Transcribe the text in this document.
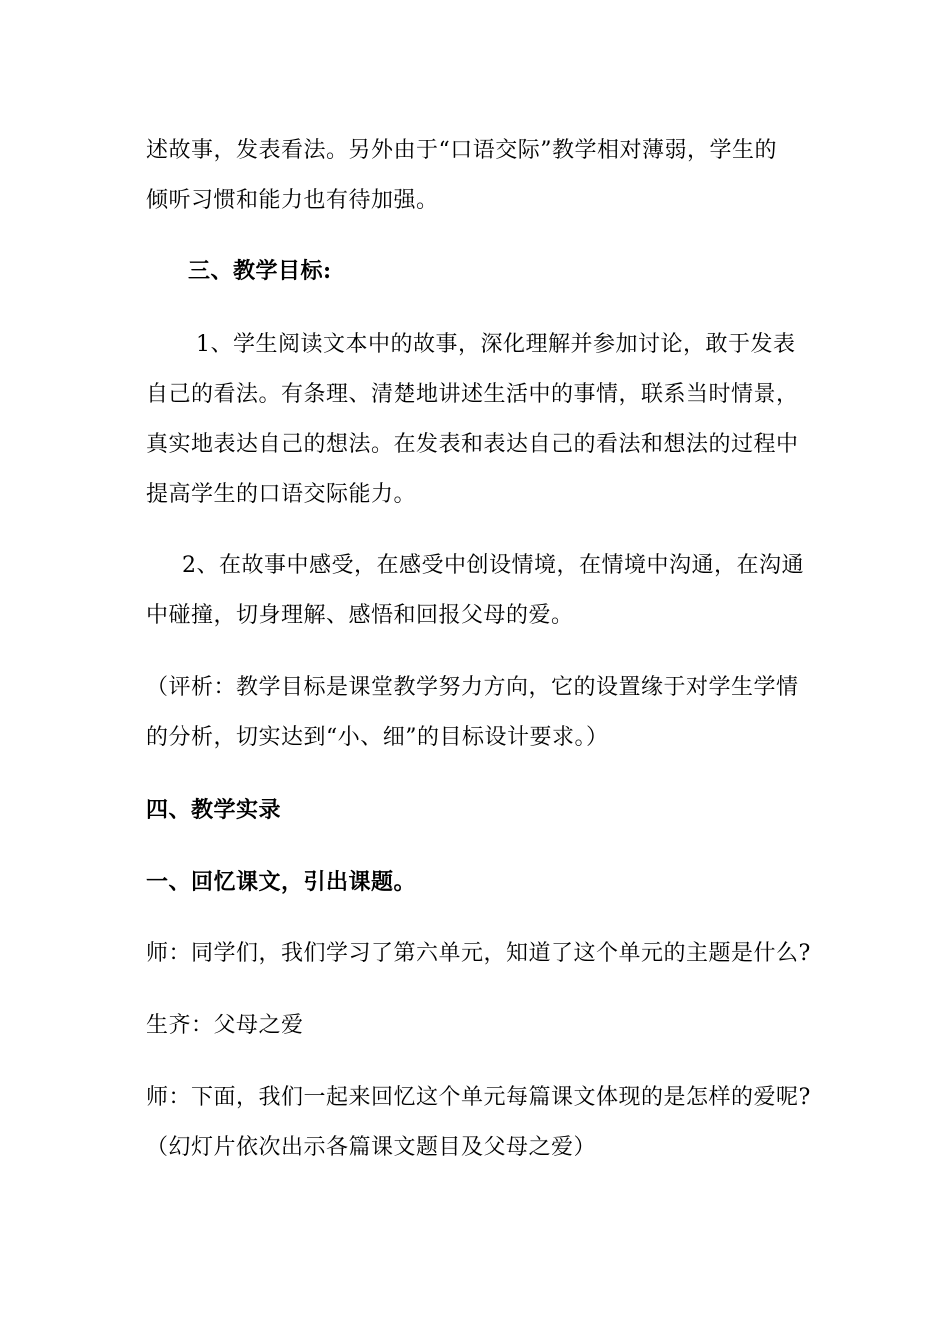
述故事，发表看法。另外由于“口语交际”教学相对薄弱，学生的
倾听习惯和能力也有待加强。
三、教学目标:
1、学生阅读文本中的故事，深化理解并参加讨论，敢于发表
自己的看法。有条理、清楚地讲述生活中的事情，联系当时情景，
真实地表达自己的想法。在发表和表达自己的看法和想法的过程中
提高学生的口语交际能力。
2、在故事中感受，在感受中创设情境，在情境中沟通，在沟通
中碰撞，切身理解、感悟和回报父母的爱。
（评析：教学目标是课堂教学努力方向，它的设置缘于对学生学情
的分析，切实达到“小、细”的目标设计要求。）
四、教学实录
一、回忆课文，引出课题。
师：同学们，我们学习了第六单元，知道了这个单元的主题是什么?
生齐：父母之爱
师：下面，我们一起来回忆这个单元每篇课文体现的是怎样的爱呢?
（幻灯片依次出示各篇课文题目及父母之爱）
